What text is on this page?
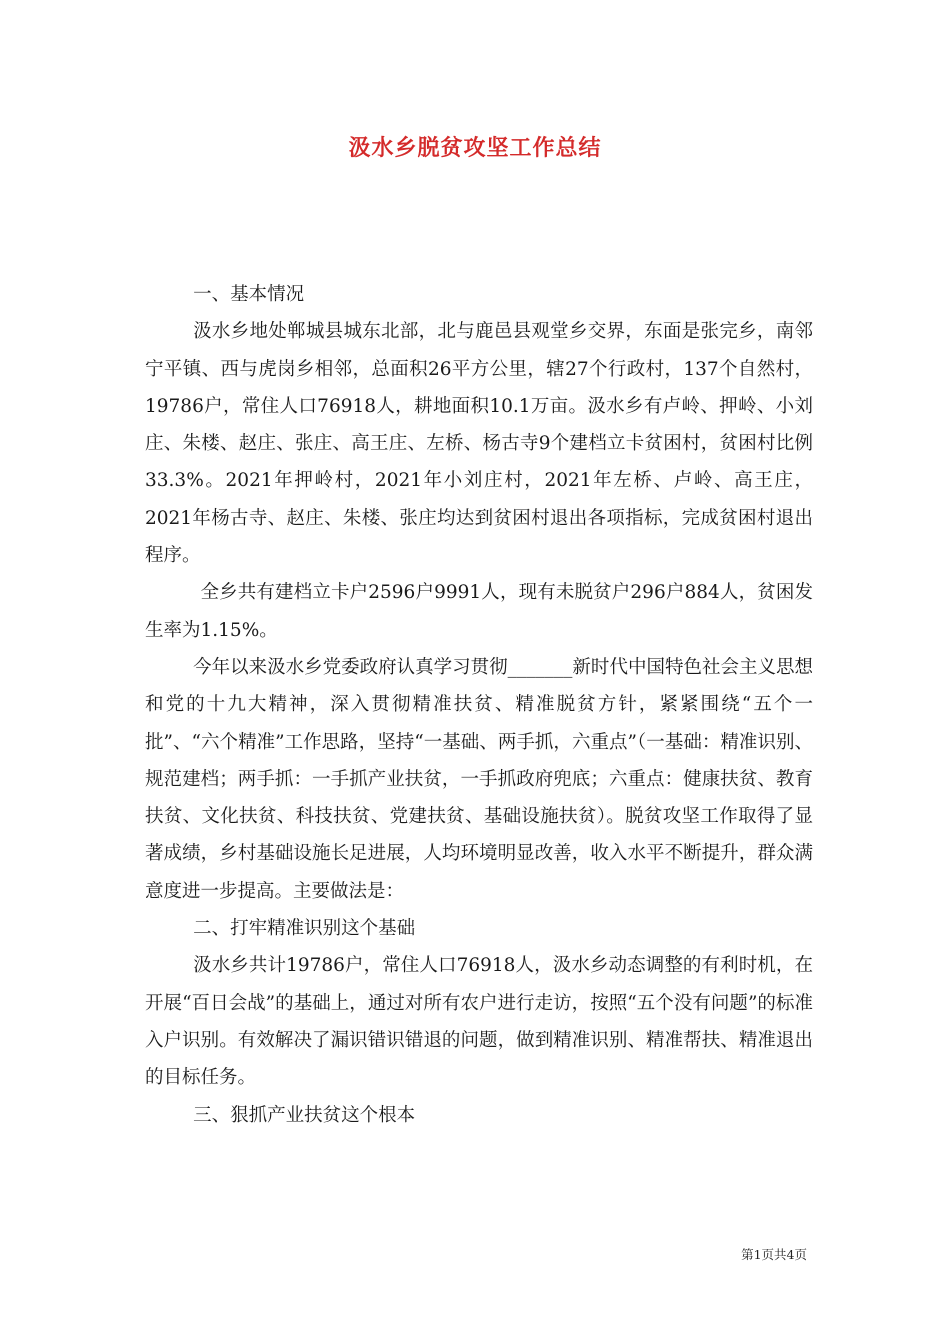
汲水乡脱贫攻坚工作总结

一、基本情况

汲水乡地处郸城县城东北部，北与鹿邑县观堂乡交界，东面是张完乡，南邻宁平镇、西与虎岗乡相邻，总面积26平方公里，辖27个行政村，137个自然村，19786户，常住人口76918人，耕地面积10.1万亩。汲水乡有卢岭、押岭、小刘庄、朱楼、赵庄、张庄、高王庄、左桥、杨古寺9个建档立卡贫困村，贫困村比例33.3%。2021年押岭村，2021年小刘庄村，2021年左桥、卢岭、高王庄，2021年杨古寺、赵庄、朱楼、张庄均达到贫困村退出各项指标，完成贫困村退出程序。

全乡共有建档立卡户2596户9991人，现有未脱贫户296户884人，贫困发生率为1.15%。

今年以来汲水乡党委政府认真学习贯彻_______新时代中国特色社会主义思想和党的十九大精神，深入贯彻精准扶贫、精准脱贫方针，紧紧围绕“五个一批”、“六个精准”工作思路，坚持“一基础、两手抓，六重点”（一基础：精准识别、规范建档；两手抓：一手抓产业扶贫，一手抓政府兜底；六重点：健康扶贫、教育扶贫、文化扶贫、科技扶贫、党建扶贫、基础设施扶贫）。脱贫攻坚工作取得了显著成绩，乡村基础设施长足进展，人均环境明显改善，收入水平不断提升，群众满意度进一步提高。主要做法是：

二、打牢精准识别这个基础

汲水乡共计19786户，常住人口76918人，汲水乡动态调整的有利时机，在开展“百日会战”的基础上，通过对所有农户进行走访，按照“五个没有问题”的标准入户识别。有效解决了漏识错识错退的问题，做到精准识别、精准帮扶、精准退出的目标任务。

三、狠抓产业扶贫这个根本

第1页共4页
